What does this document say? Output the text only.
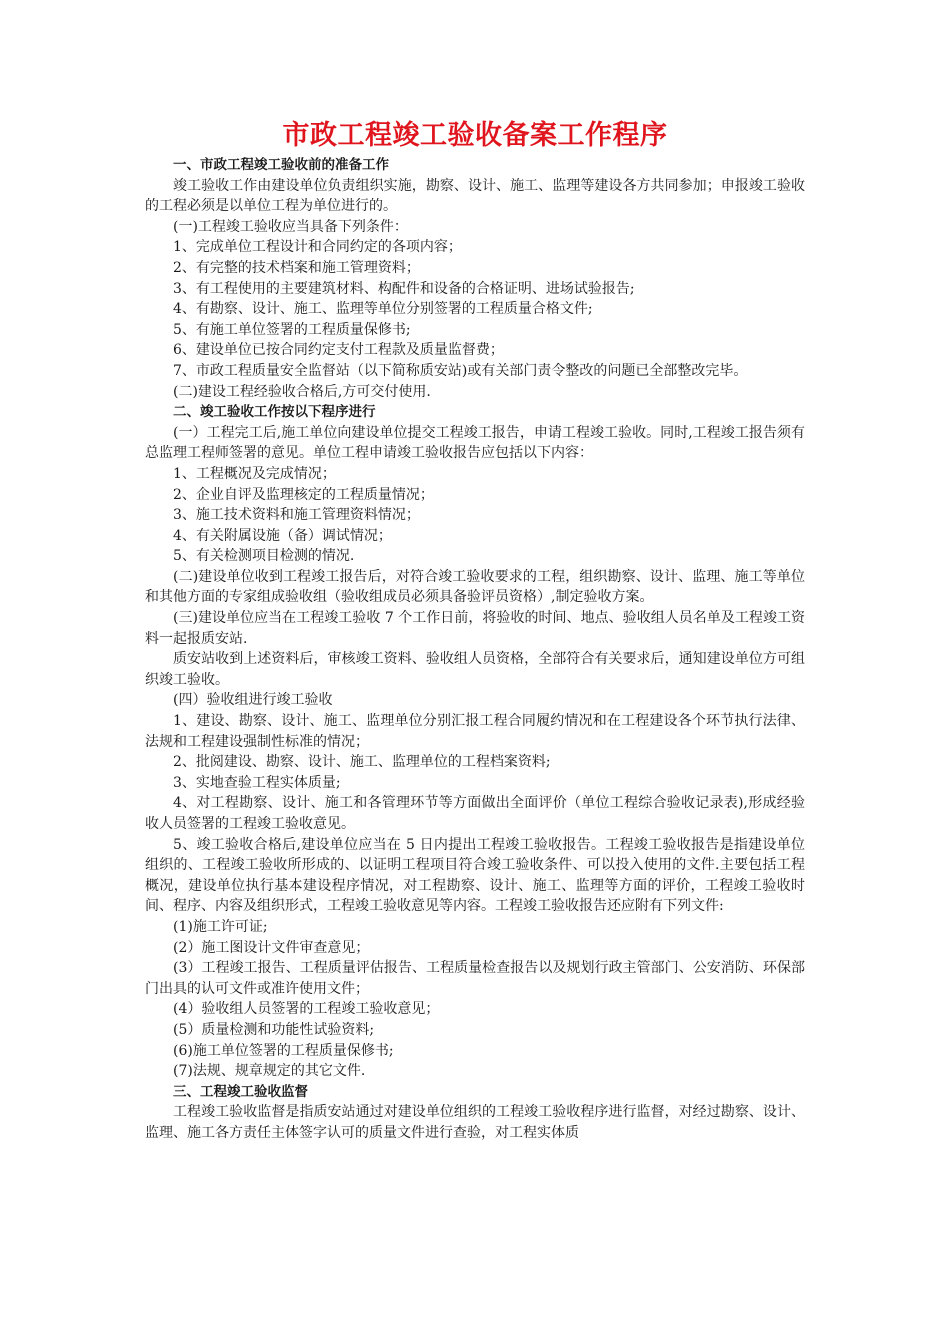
市政工程竣工验收备案工作程序
一、市政工程竣工验收前的准备工作
竣工验收工作由建设单位负责组织实施，勘察、设计、施工、监理等建设各方共同参加；申报竣工验收的工程必须是以单位工程为单位进行的。
(一)工程竣工验收应当具备下列条件：
1、完成单位工程设计和合同约定的各项内容；
2、有完整的技术档案和施工管理资料；
3、有工程使用的主要建筑材料、构配件和设备的合格证明、进场试验报告;
4、有勘察、设计、施工、监理等单位分别签署的工程质量合格文件;
5、有施工单位签署的工程质量保修书;
6、建设单位已按合同约定支付工程款及质量监督费；
7、市政工程质量安全监督站（以下简称质安站)或有关部门责令整改的问题已全部整改完毕。
(二)建设工程经验收合格后,方可交付使用.
二、竣工验收工作按以下程序进行
(一）工程完工后,施工单位向建设单位提交工程竣工报告，申请工程竣工验收。同时,工程竣工报告须有总监理工程师签署的意见。单位工程申请竣工验收报告应包括以下内容：
1、工程概况及完成情况；
2、企业自评及监理核定的工程质量情况；
3、施工技术资料和施工管理资料情况；
4、有关附属设施（备）调试情况；
5、有关检测项目检测的情况.
(二)建设单位收到工程竣工报告后，对符合竣工验收要求的工程，组织勘察、设计、监理、施工等单位和其他方面的专家组成验收组（验收组成员必须具备验评员资格）,制定验收方案。
(三)建设单位应当在工程竣工验收 7 个工作日前，将验收的时间、地点、验收组人员名单及工程竣工资料一起报质安站.
质安站收到上述资料后，审核竣工资料、验收组人员资格，全部符合有关要求后，通知建设单位方可组织竣工验收。
(四）验收组进行竣工验收
1、建设、勘察、设计、施工、监理单位分别汇报工程合同履约情况和在工程建设各个环节执行法律、法规和工程建设强制性标准的情况；
2、批阅建设、勘察、设计、施工、监理单位的工程档案资料;
3、实地查验工程实体质量;
4、对工程勘察、设计、施工和各管理环节等方面做出全面评价（单位工程综合验收记录表),形成经验收人员签署的工程竣工验收意见。
5、竣工验收合格后,建设单位应当在 5 日内提出工程竣工验收报告。工程竣工验收报告是指建设单位组织的、工程竣工验收所形成的、以证明工程项目符合竣工验收条件、可以投入使用的文件.主要包括工程概况，建设单位执行基本建设程序情况，对工程勘察、设计、施工、监理等方面的评价，工程竣工验收时间、程序、内容及组织形式，工程竣工验收意见等内容。工程竣工验收报告还应附有下列文件:
(1)施工许可证;
(2）施工图设计文件审查意见；
(3）工程竣工报告、工程质量评估报告、工程质量检查报告以及规划行政主管部门、公安消防、环保部门出具的认可文件或准许使用文件；
(4）验收组人员签署的工程竣工验收意见；
(5）质量检测和功能性试验资料;
(6)施工单位签署的工程质量保修书;
(7)法规、规章规定的其它文件.
三、工程竣工验收监督
工程竣工验收监督是指质安站通过对建设单位组织的工程竣工验收程序进行监督，对经过勘察、设计、监理、施工各方责任主体签字认可的质量文件进行查验，对工程实体质
